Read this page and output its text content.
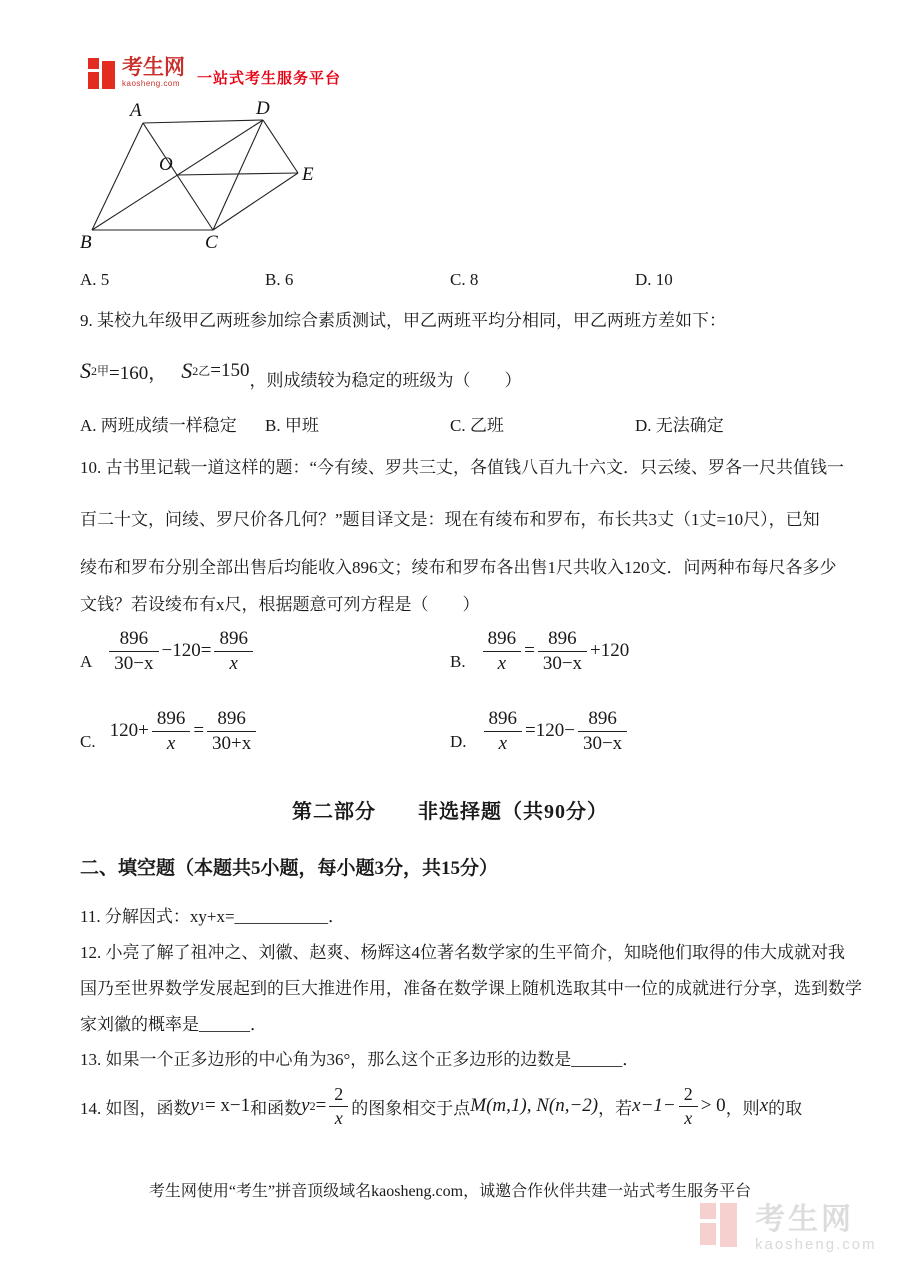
考生网
kaosheng.com	一站式考生服务平台
A	D
O	E
B	C
A. 5	B. 6	C. 8	D. 10
9. 某校九年级甲乙两班参加综合素质测试，甲乙两班平均分相同，甲乙两班方差如下：
S 2 甲 =160， S 2 乙 =150 ，则成绩较为稳定的班级为（　　）
A. 两班成绩一样稳定 B. 甲班	C. 乙班	D. 无法确定
10. 古书里记载一道这样的题：“今有绫、罗共三丈，各值钱八百九十六文．只云绫、罗各一尺共值钱一
百二十文，问绫、罗尺价各几何？”题目译文是：现在有绫布和罗布，布长共3丈（1丈=10尺），已知
绫布和罗布分别全部出售后均能收入896文；绫布和罗布各出售1尺共收入120文．问两种布每尺各多少
文钱？若设绫布有x尺，根据题意可列方程是（　　）
A $\frac{896}{30-x} -120= \frac{896}{x}$	B. $\frac{896}{x} = \frac{896}{30-x} +120$
C.
$120+ \frac{896}{x} = \frac{896}{30+x}$	D. $\frac{896}{x} =120- \frac{896}{30-x}$
第二部分　　非选择题（共90分）
二、填空题（本题共5小题，每小题3分，共15分）
11. 分解因式：xy+x=___________．
12. 小亮了解了祖冲之、刘徽、赵爽、杨辉这4位著名数学家的生平简介，知晓他们取得的伟大成就对我
国乃至世界数学发展起到的巨大推进作用，准备在数学课上随机选取其中一位的成就进行分享，选到数学
家刘徽的概率是______．
13. 如果一个正多边形的中心角为36°，那么这个正多边形的边数是______．
14. 如图，函数 y 1 = x−1 和函数 y $2 = \frac{2}{x}$ 的图象相交于点 M(m,1), N(n,−2) ，若 $x-1- \frac{2}{x} > 0$ ，则 x 的取
考生网使用“考生”拼音顶级域名kaosheng.com，诚邀合作伙伴共建一站式考生服务平台
考生网
kaosheng.com
